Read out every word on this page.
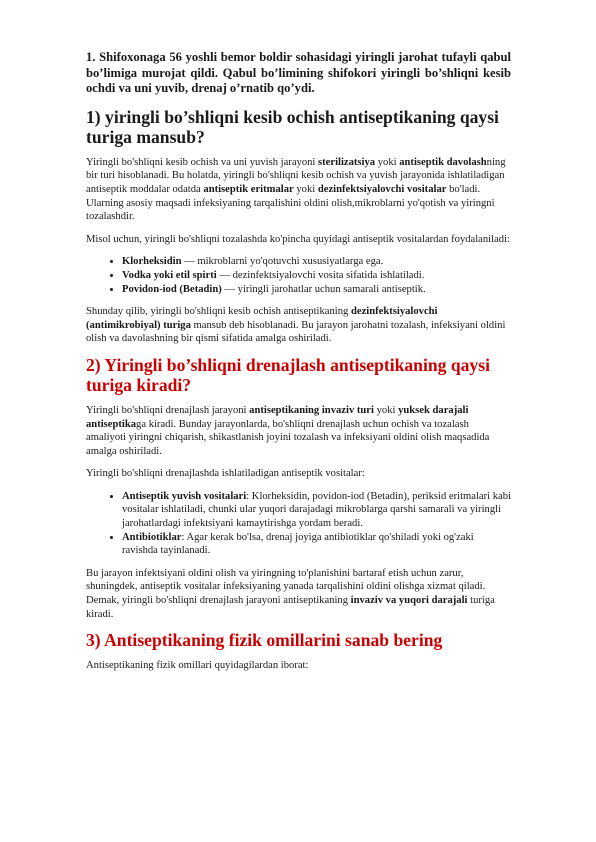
1. Shifoxonaga 56 yoshli bemor boldir sohasidagi yiringli jarohat tufayli qabul bo’limiga murojat qildi. Qabul bo’limining shifokori yiringli bo’shliqni kesib ochdi va uni yuvib, drenaj o’rnatib qo’ydi.

1) yiringli bo’shliqni kesib ochish antiseptikaning qaysi turiga mansub?

Yiringli bo'shliqni kesib ochish va uni yuvish jarayoni sterilizatsiya yoki antiseptik davolashning bir turi hisoblanadi. Bu holatda, yiringli bo'shliqni kesib ochish va yuvish jarayonida ishlatiladigan antiseptik moddalar odatda antiseptik eritmalar yoki dezinfektsiyalovchi vositalar bo'ladi. Ularning asosiy maqsadi infeksiyaning tarqalishini oldini olish,mikroblarni yo'qotish va yiringni tozalashdir.

Misol uchun, yiringli bo'shliqni tozalashda ko'pincha quyidagi antiseptik vositalardan foydalaniladi:

• Klorheksidin — mikroblarni yo'qotuvchi xususiyatlarga ega.
• Vodka yoki etil spirti — dezinfektsiyalovchi vosita sifatida ishlatiladi.
• Povidon-iod (Betadin) — yiringli jarohatlar uchun samarali antiseptik.

Shunday qilib, yiringli bo'shliqni kesib ochish antiseptikaning dezinfektsiyalovchi (antimikrobiyal) turiga mansub deb hisoblanadi. Bu jarayon jarohatni tozalash, infeksiyani oldini olish va davolashning bir qismi sifatida amalga oshiriladi.

2) Yiringli bo’shliqni drenajlash antiseptikaning qaysi turiga kiradi?

Yiringli bo'shliqni drenajlash jarayoni antiseptikaning invaziv turi yoki yuksek darajali antiseptikaga kiradi. Bunday jarayonlarda, bo'shliqni drenajlash uchun ochish va tozalash amaliyoti yiringni chiqarish, shikastlanish joyini tozalash va infeksiyani oldini olish maqsadida amalga oshiriladi.

Yiringli bo'shliqni drenajlashda ishlatiladigan antiseptik vositalar:

• Antiseptik yuvish vositalari: Klorheksidin, povidon-iod (Betadin), periksid eritmalari kabi vositalar ishlatiladi, chunki ular yuqori darajadagi mikroblarga qarshi samarali va yiringli jarohatlardagi infektsiyani kamaytirishga yordam beradi.
• Antibiotiklar: Agar kerak bo'lsa, drenaj joyiga antibiotiklar qo'shiladi yoki og'zaki ravishda tayinlanadi.

Bu jarayon infektsiyani oldini olish va yiringning to'planishini bartaraf etish uchun zarur, shuningdek, antiseptik vositalar infeksiyaning yanada tarqalishini oldini olishga xizmat qiladi. Demak, yiringli bo'shliqni drenajlash jarayoni antiseptikaning invaziv va yuqori darajali turiga kiradi.

3) Antiseptikaning fizik omillarini sanab bering

Antiseptikaning fizik omillari quyidagilardan iborat:
